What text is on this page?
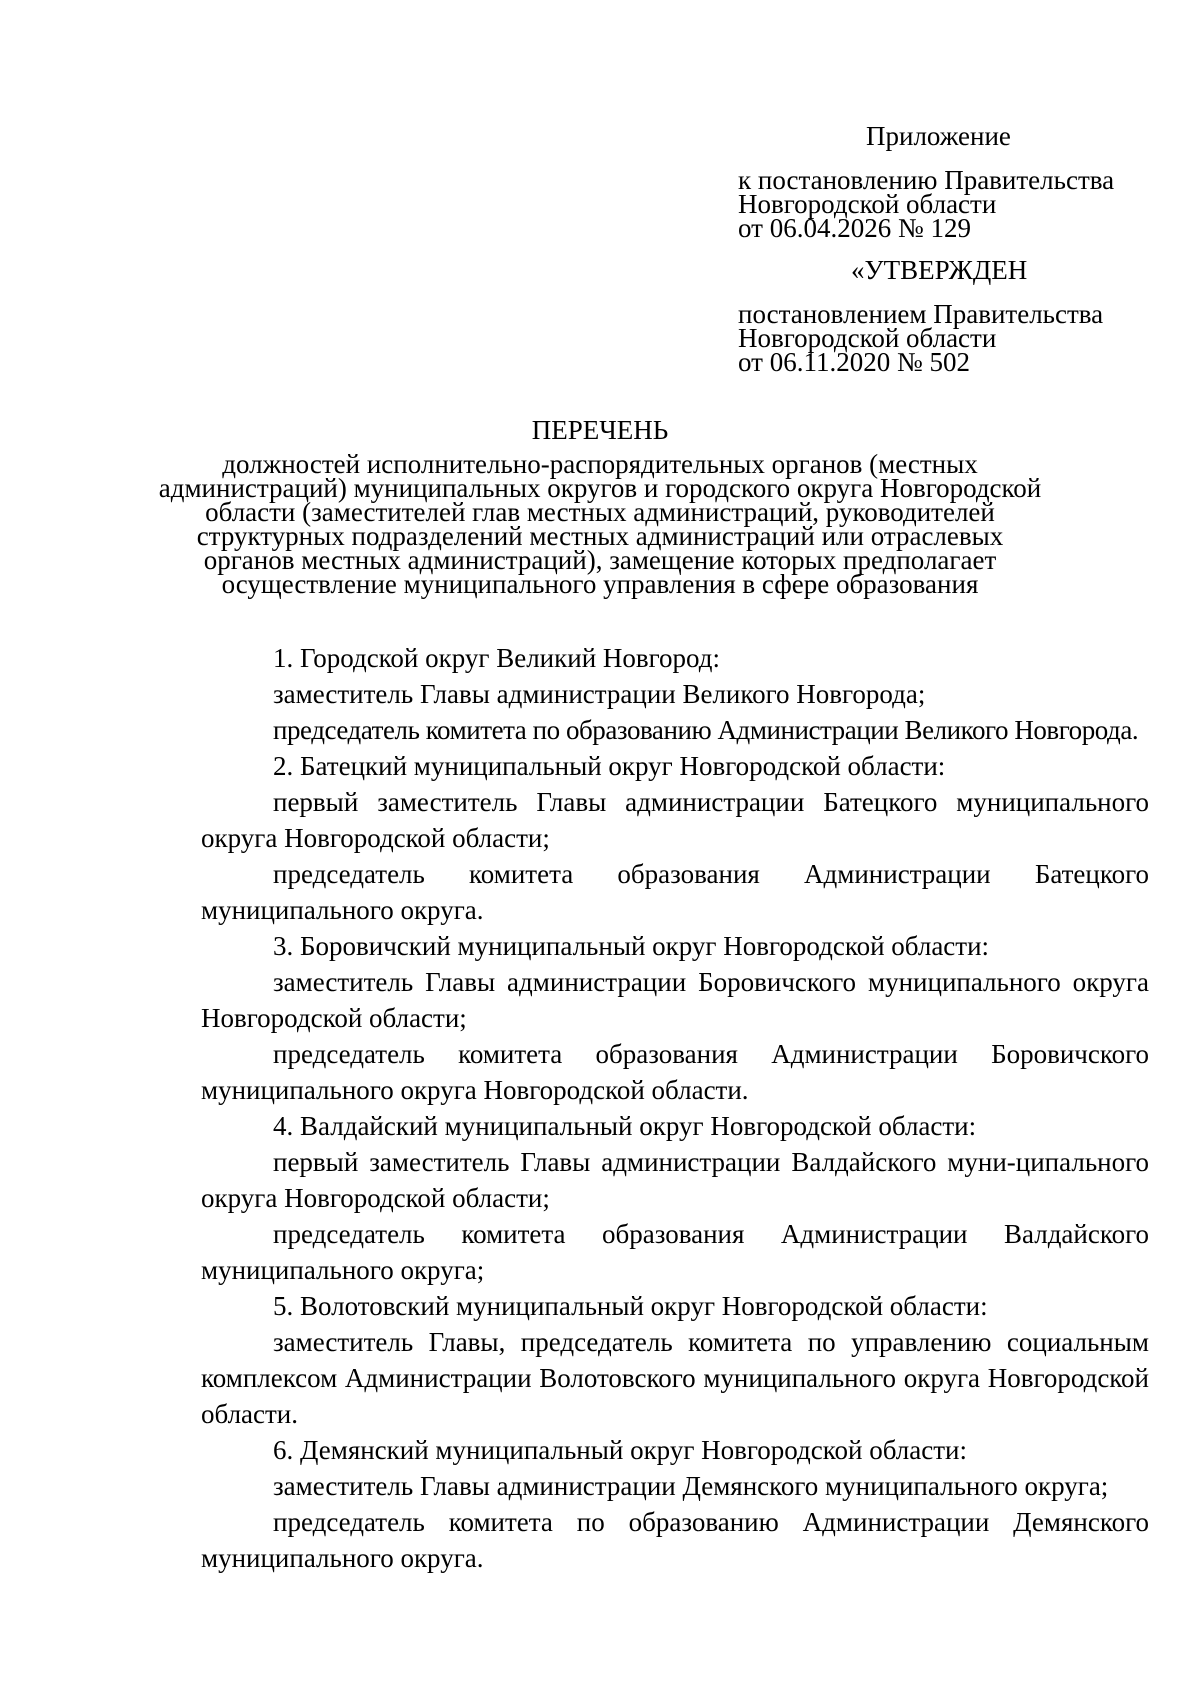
Приложение
к постановлению Правительства
Новгородской области
от 06.04.2026 № 129
«УТВЕРЖДЕН
постановлением Правительства
Новгородской области
от 06.11.2020 № 502
ПЕРЕЧЕНЬ
должностей исполнительно-распорядительных органов (местных
администраций) муниципальных округов и городского округа Новгородской
области (заместителей глав местных администраций, руководителей
структурных подразделений местных администраций или отраслевых
органов местных администраций), замещение которых предполагает
осуществление муниципального управления в сфере образования

1. Городской округ Великий Новгород:

заместитель Главы администрации Великого Новгорода;

председатель комитета по образованию Администрации Великого Новгорода.

2. Батецкий муниципальный округ Новгородской области:

первый заместитель Главы администрации Батецкого муниципального округа Новгородской области;

председатель комитета образования Администрации Батецкого муниципального округа.

3. Боровичский муниципальный округ Новгородской области:

заместитель Главы администрации Боровичского муниципального округа Новгородской области;

председатель комитета образования Администрации Боровичского муниципального округа Новгородской области.

4. Валдайский муниципальный округ Новгородской области:

первый заместитель Главы администрации Валдайского муни-ципального округа Новгородской области;

председатель комитета образования Администрации Валдайского муниципального округа;

5. Волотовский муниципальный округ Новгородской области:

заместитель Главы, председатель комитета по управлению социальным комплексом Администрации Волотовского муниципального округа Новгородской области.

6. Демянский муниципальный округ Новгородской области:

заместитель Главы администрации Демянского муниципального округа;

председатель комитета по образованию Администрации Демянского муниципального округа.
